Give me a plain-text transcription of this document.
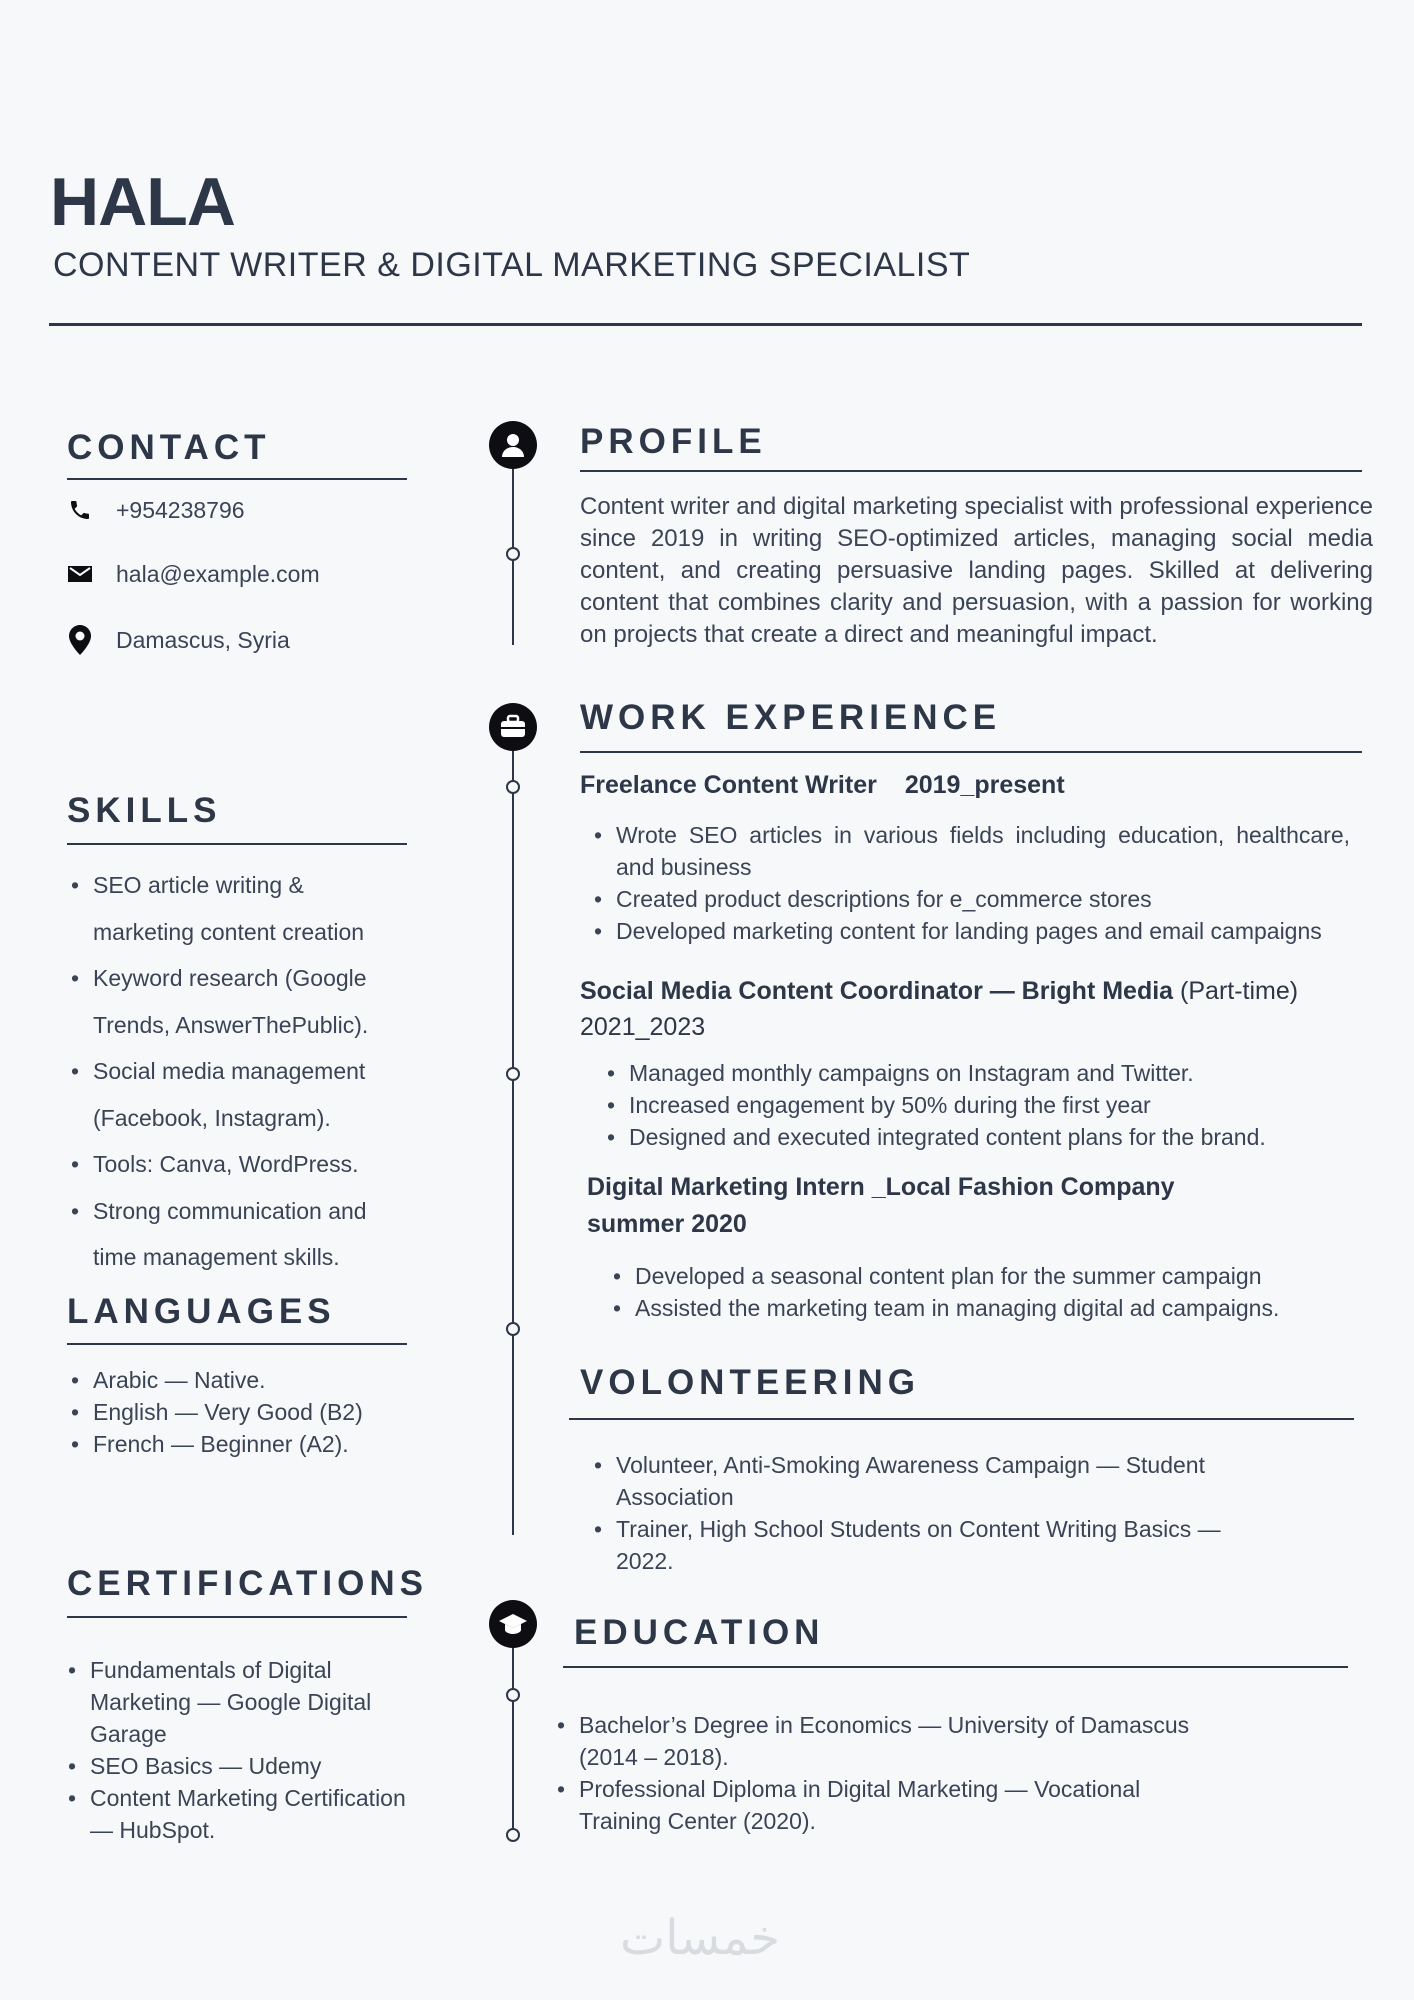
HALA
CONTENT WRITER & DIGITAL MARKETING SPECIALIST
CONTACT
+954238796
hala@example.com
Damascus, Syria
SKILLS
• SEO article writing & marketing content creation
• Keyword research (Google Trends, AnswerThePublic).
• Social media management (Facebook, Instagram).
• Tools: Canva, WordPress.
• Strong communication and time management skills.
LANGUAGES
• Arabic — Native.
• English — Very Good (B2)
• French — Beginner (A2).
CERTIFICATIONS
• Fundamentals of Digital Marketing — Google Digital Garage
• SEO Basics — Udemy
• Content Marketing Certification — HubSpot.
PROFILE

Content writer and digital marketing specialist with professional experience since 2019 in writing SEO-optimized articles, managing social media content, and creating persuasive landing pages. Skilled at delivering content that combines clarity and persuasion, with a passion for working on projects that create a direct and meaningful impact.

WORK EXPERIENCE
Freelance Content Writer 2019_present
• Wrote SEO articles in various fields including education, healthcare, and business
• Created product descriptions for e_commerce stores
• Developed marketing content for landing pages and email campaigns
Social Media Content Coordinator — Bright Media (Part-time)
2021_2023
• Managed monthly campaigns on Instagram and Twitter.
• Increased engagement by 50% during the first year
• Designed and executed integrated content plans for the brand.
Digital Marketing Intern _Local Fashion Company
summer 2020
• Developed a seasonal content plan for the summer campaign
• Assisted the marketing team in managing digital ad campaigns.
VOLONTEERING
• Volunteer, Anti-Smoking Awareness Campaign — Student Association
• Trainer, High School Students on Content Writing Basics — 2022.
EDUCATION
• Bachelor’s Degree in Economics — University of Damascus (2014 – 2018).
• Professional Diploma in Digital Marketing — Vocational Training Center (2020).
خمسات
